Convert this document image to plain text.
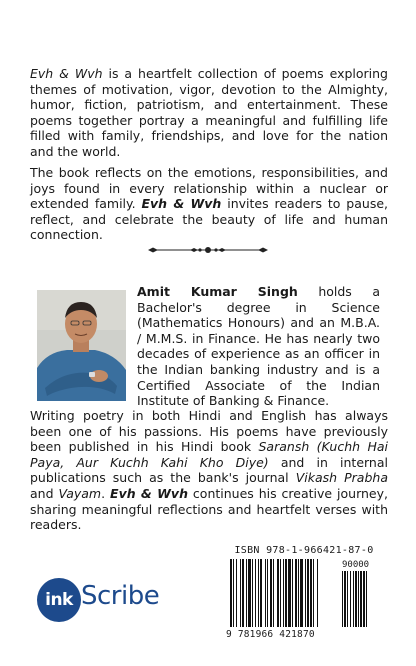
Evh & Wvh is a heartfelt collection of poems exploring themes of motivation, vigor, devotion to the Almighty, humor, fiction, patriotism, and entertainment. These poems together portray a meaningful and fulfilling life filled with family, friendships, and love for the nation and the world.

The book reflects on the emotions, responsibilities, and joys found in every relationship within a nuclear or extended family. Evh & Wvh invites readers to pause, reflect, and celebrate the beauty of life and human connection.

Amit Kumar Singh holds a Bachelor's degree in Science (Mathematics Honours) and an M.B.A. / M.M.S. in Finance. He has nearly two decades of experience as an officer in the Indian banking industry and is a Certified Associate of the Indian Institute of Banking & Finance.

Writing poetry in both Hindi and English has always been one of his passions. His poems have previously been published in his Hindi book Saransh (Kuchh Hai Paya, Aur Kuchh Kahi Kho Diye) and in internal publications such as the bank's journal Vikash Prabha and Vayam. Evh & Wvh continues his creative journey, sharing meaningful reflections and heartfelt verses with readers.

ISBN 978-1-966421-87-0
90000
9 781966 421870
ink Scribe
